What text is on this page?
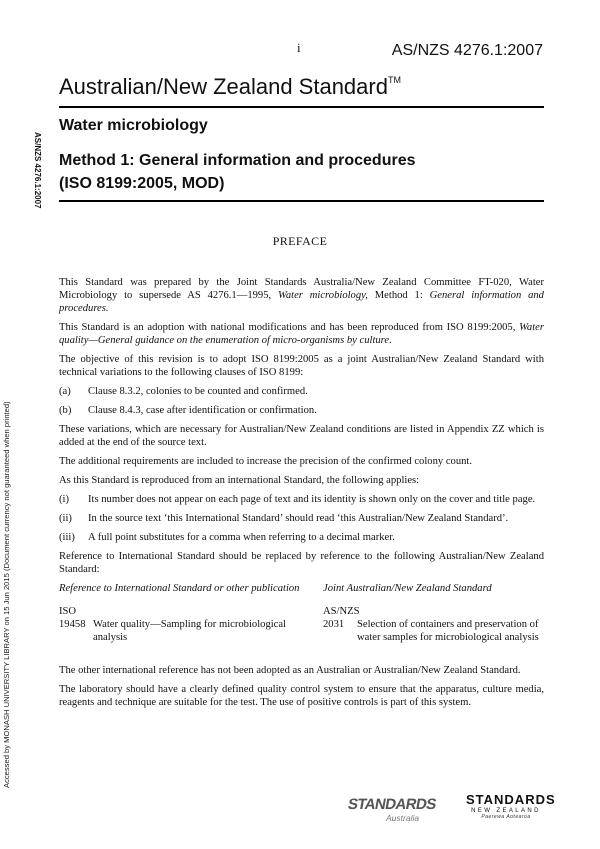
i	AS/NZS 4276.1:2007
AS/NZS 4276.1:2007
Accessed by MONASH UNIVERSITY LIBRARY on 15 Jun 2015 (Document currency not guaranteed when printed)
Australian/New Zealand Standard™
Water microbiology
Method 1: General information and procedures
(ISO 8199:2005, MOD)
PREFACE

This Standard was prepared by the Joint Standards Australia/New Zealand Committee FT-020, Water Microbiology to supersede AS 4276.1—1995, Water microbiology, Method 1: General information and procedures.

This Standard is an adoption with national modifications and has been reproduced from ISO 8199:2005, Water quality—General guidance on the enumeration of micro-organisms by culture.

The objective of this revision is to adopt ISO 8199:2005 as a joint Australian/New Zealand Standard with technical variations to the following clauses of ISO 8199:

(a)	Clause 8.3.2, colonies to be counted and confirmed.
(b)	Clause 8.4.3, case after identification or confirmation.

These variations, which are necessary for Australian/New Zealand conditions are listed in Appendix ZZ which is added at the end of the source text.

The additional requirements are included to increase the precision of the confirmed colony count.

As this Standard is reproduced from an international Standard, the following applies:

(i)	Its number does not appear on each page of text and its identity is shown only on the cover and title page.
(ii)	In the source text ‘this International Standard’ should read ‘this Australian/New Zealand Standard’.
(iii)	A full point substitutes for a comma when referring to a decimal marker.

Reference to International Standard should be replaced by reference to the following Australian/New Zealand Standard:

Reference to International Standard or other publication	Joint Australian/New Zealand Standard
ISO	AS/NZS

19458 Water quality—Sampling for microbiological analysis	2031 Selection of containers and preservation of water samples for microbiological analysis

The other international reference has not been adopted as an Australian or Australian/New Zealand Standard.

The laboratory should have a clearly defined quality control system to ensure that the apparatus, culture media, reagents and technique are suitable for the test. The use of positive controls is part of this system.

STANDARDS
Australia
STANDARDS
NEW ZEALAND
Paerewa Aotearoa
